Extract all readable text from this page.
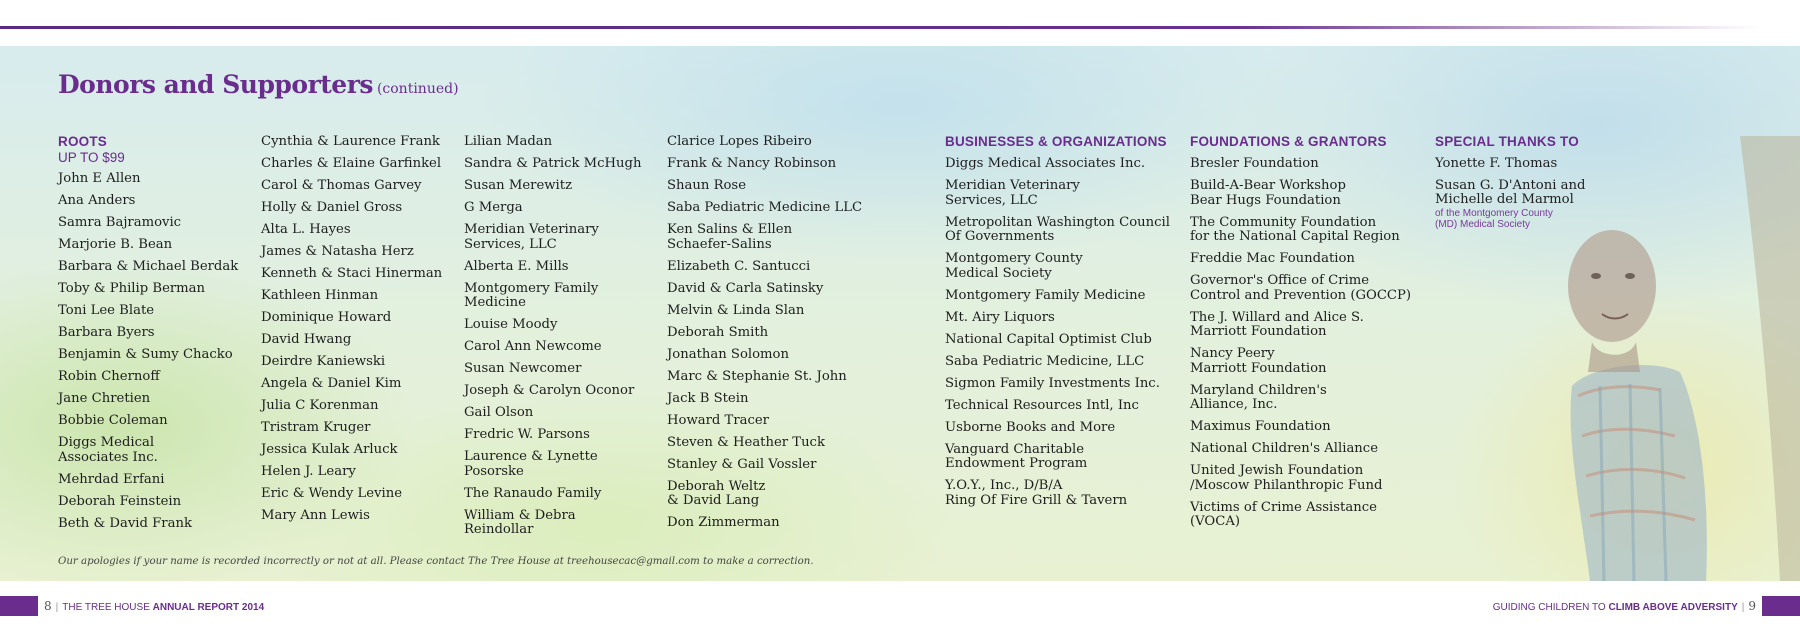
Donors and Supporters (continued)
ROOTS
UP TO $99
John E Allen
Ana Anders
Samra Bajramovic
Marjorie B. Bean
Barbara & Michael Berdak
Toby & Philip Berman
Toni Lee Blate
Barbara Byers
Benjamin & Sumy Chacko
Robin Chernoff
Jane Chretien
Bobbie Coleman
Diggs Medical
Associates Inc.
Mehrdad Erfani
Deborah Feinstein
Beth & David Frank
Cynthia & Laurence Frank
Charles & Elaine Garfinkel
Carol & Thomas Garvey
Holly & Daniel Gross
Alta L. Hayes
James & Natasha Herz
Kenneth & Staci Hinerman
Kathleen Hinman
Dominique Howard
David Hwang
Deirdre Kaniewski
Angela & Daniel Kim
Julia C Korenman
Tristram Kruger
Jessica Kulak Arluck
Helen J. Leary
Eric & Wendy Levine
Mary Ann Lewis
Lilian Madan
Sandra & Patrick McHugh
Susan Merewitz
G Merga
Meridian Veterinary
Services, LLC
Alberta E. Mills
Montgomery Family
Medicine
Louise Moody
Carol Ann Newcome
Susan Newcomer
Joseph & Carolyn Oconor
Gail Olson
Fredric W. Parsons
Laurence & Lynette Posorske
The Ranaudo Family
William & Debra
Reindollar
Clarice Lopes Ribeiro
Frank & Nancy Robinson
Shaun Rose
Saba Pediatric Medicine LLC
Ken Salins & Ellen
Schaefer-Salins
Elizabeth C. Santucci
David & Carla Satinsky
Melvin & Linda Slan
Deborah Smith
Jonathan Solomon
Marc & Stephanie St. John
Jack B Stein
Howard Tracer
Steven & Heather Tuck
Stanley & Gail Vossler
Deborah Weltz
& David Lang
Don Zimmerman
BUSINESSES & ORGANIZATIONS
Diggs Medical Associates Inc.
Meridian Veterinary
Services, LLC
Metropolitan Washington Council
Of Governments
Montgomery County
Medical Society
Montgomery Family Medicine
Mt. Airy Liquors
National Capital Optimist Club
Saba Pediatric Medicine, LLC
Sigmon Family Investments Inc.
Technical Resources Intl, Inc
Usborne Books and More
Vanguard Charitable
Endowment Program
Y.O.Y., Inc., D/B/A
Ring Of Fire Grill & Tavern
FOUNDATIONS & GRANTORS
Bresler Foundation
Build-A-Bear Workshop
Bear Hugs Foundation
The Community Foundation
for the National Capital Region
Freddie Mac Foundation
Governor's Office of Crime
Control and Prevention (GOCCP)
The J. Willard and Alice S.
Marriott Foundation
Nancy Peery
Marriott Foundation
Maryland Children's
Alliance, Inc.
Maximus Foundation
National Children's Alliance
United Jewish Foundation
/Moscow Philanthropic Fund
Victims of Crime Assistance (VOCA)
SPECIAL THANKS TO
Yonette F. Thomas
Susan G. D'Antoni and
Michelle del Marmol
of the Montgomery County
(MD) Medical Society
Our apologies if your name is recorded incorrectly or not at all. Please contact The Tree House at treehousecac@gmail.com to make a correction.
8 | THE TREE HOUSE ANNUAL REPORT 2014	GUIDING CHILDREN TO CLIMB ABOVE ADVERSITY | 9
